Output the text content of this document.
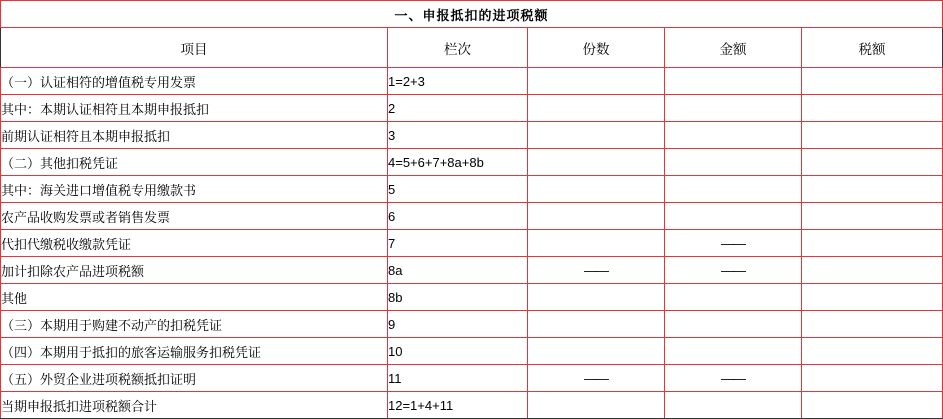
一、申报抵扣的进项税额				
项目	栏次	份数	金额	税额
（一）认证相符的增值税专用发票	1=2+3			
其中：本期认证相符且本期申报抵扣	2			
前期认证相符且本期申报抵扣	3			
（二）其他扣税凭证	4=5+6+7+8a+8b			
其中：海关进口增值税专用缴款书	5			
农产品收购发票或者销售发票	6			
代扣代缴税收缴款凭证	7		——	
加计扣除农产品进项税额	8a	——	——	
其他	8b			
（三）本期用于购建不动产的扣税凭证	9			
（四）本期用于抵扣的旅客运输服务扣税凭证	10			
（五）外贸企业进项税额抵扣证明	11	——	——	
当期申报抵扣进项税额合计	12=1+4+11			
